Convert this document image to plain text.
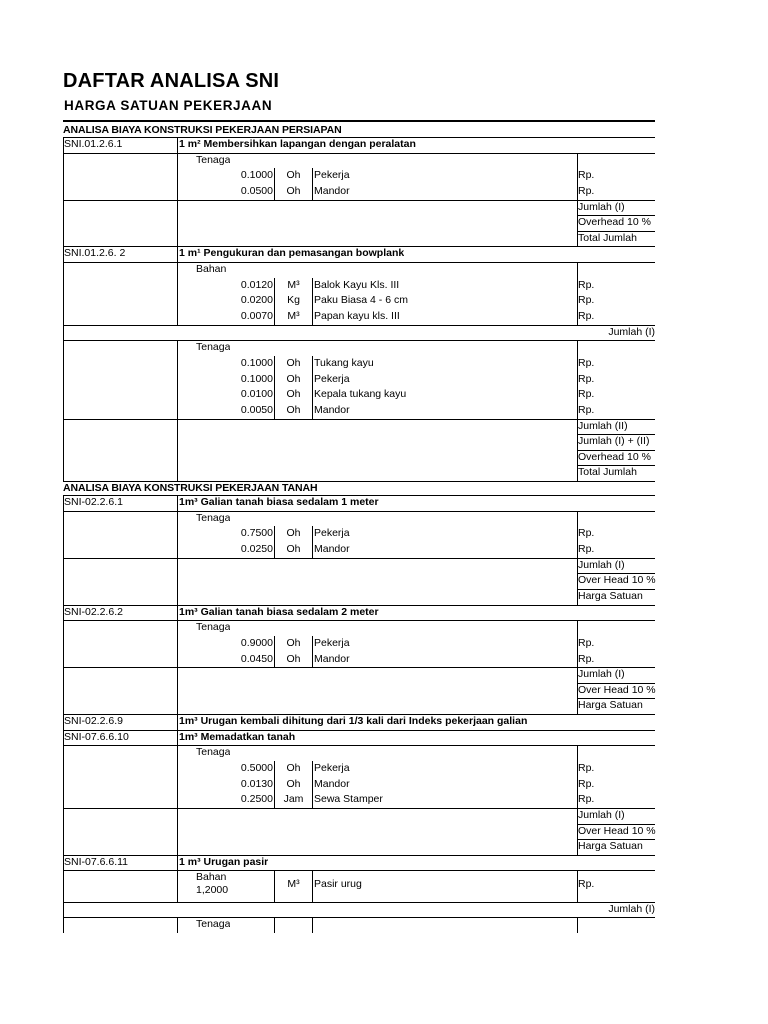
DAFTAR ANALISA SNI
HARGA SATUAN PEKERJAAN
ANALISA BIAYA KONSTRUKSI PEKERJAAN PERSIAPAN
SNI.01.2.6.1	1 m² Membersihkan lapangan dengan peralatan
Tenaga
0.1000	Oh	Pekerja	Rp.
0.0500	Oh	Mandor	Rp.
Jumlah (I)
Overhead 10 %
Total Jumlah
SNI.01.2.6. 2	1 m¹ Pengukuran dan pemasangan bowplank
Bahan
0.0120	M³	Balok Kayu Kls. III	Rp.
0.0200	Kg	Paku Biasa 4 - 6 cm	Rp.
0.0070	M³	Papan kayu kls. III	Rp.
Jumlah (I)
Tenaga
0.1000	Oh	Tukang kayu	Rp.
0.1000	Oh	Pekerja	Rp.
0.0100	Oh	Kepala tukang kayu	Rp.
0.0050	Oh	Mandor	Rp.
Jumlah (II)
Jumlah (I) + (II)
Overhead 10 %
Total Jumlah
ANALISA BIAYA KONSTRUKSI PEKERJAAN TANAH
SNI-02.2.6.1	1m³ Galian tanah biasa sedalam 1 meter
Tenaga
0.7500	Oh	Pekerja	Rp.
0.0250	Oh	Mandor	Rp.
Jumlah (I)
Over Head 10 %
Harga Satuan
SNI-02.2.6.2	1m³ Galian tanah biasa sedalam 2 meter
Tenaga
0.9000	Oh	Pekerja	Rp.
0.0450	Oh	Mandor	Rp.
Jumlah (I)
Over Head 10 %
Harga Satuan
SNI-02.2.6.9	1m³ Urugan kembali dihitung dari 1/3 kali dari Indeks pekerjaan galian
SNI-07.6.6.10	1m³ Memadatkan tanah
Tenaga
0.5000	Oh	Pekerja	Rp.
0.0130	Oh	Mandor	Rp.
0.2500	Jam	Sewa Stamper	Rp.
Jumlah (I)
Over Head 10 %
Harga Satuan
SNI-07.6.6.11	1 m³ Urugan pasir
Bahan
1,2000	M³	Pasir urug	Rp.
Jumlah (I)
Tenaga
